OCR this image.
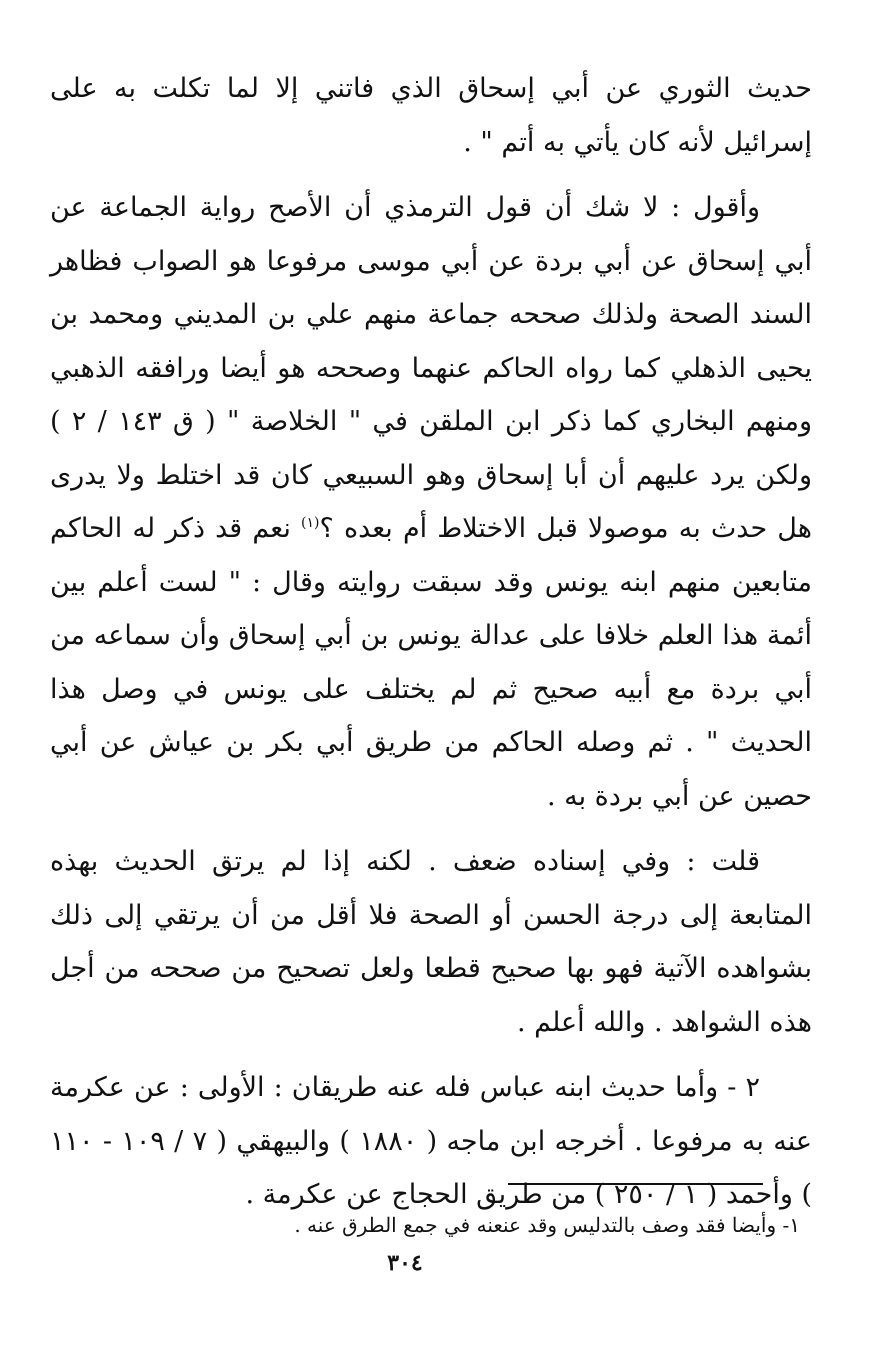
حديث الثوري عن أبي إسحاق الذي فاتني إلا لما تكلت به على إسرائيل لأنه كان يأتي به أتم " .

وأقول : لا شك أن قول الترمذي أن الأصح رواية الجماعة عن أبي إسحاق عن أبي بردة عن أبي موسى مرفوعا هو الصواب فظاهر السند الصحة ولذلك صححه جماعة منهم علي بن المديني ومحمد بن يحيى الذهلي كما رواه الحاكم عنهما وصححه هو أيضا ورافقه الذهبي ومنهم البخاري كما ذكر ابن الملقن في " الخلاصة " ( ق ١٤٣ / ٢ ) ولكن يرد عليهم أن أبا إسحاق وهو السبيعي كان قد اختلط ولا يدرى هل حدث به موصولا قبل الاختلاط أم بعده ؟$^{(١)}$ نعم قد ذكر له الحاكم متابعين منهم ابنه يونس وقد سبقت روايته وقال : " لست أعلم بين أئمة هذا العلم خلافا على عدالة يونس بن أبي إسحاق وأن سماعه من أبي بردة مع أبيه صحيح ثم لم يختلف على يونس في وصل هذا الحديث " . ثم وصله الحاكم من طريق أبي بكر بن عياش عن أبي حصين عن أبي بردة به .

قلت : وفي إسناده ضعف . لكنه إذا لم يرتق الحديث بهذه المتابعة إلى درجة الحسن أو الصحة فلا أقل من أن يرتقي إلى ذلك بشواهده الآتية فهو بها صحيح قطعا ولعل تصحيح من صححه من أجل هذه الشواهد . والله أعلم .

٢ - وأما حديث ابنه عباس فله عنه طريقان : الأولى : عن عكرمة عنه به مرفوعا . أخرجه ابن ماجه ( ١٨٨٠ ) والبيهقي ( ٧ / ١٠٩ - ١١٠ ) وأحمد ( ١ / ٢٥٠ ) من طريق الحجاج عن عكرمة .

١- وأيضا فقد وصف بالتدليس وقد عنعنه في جمع الطرق عنه .
٣٠٤
